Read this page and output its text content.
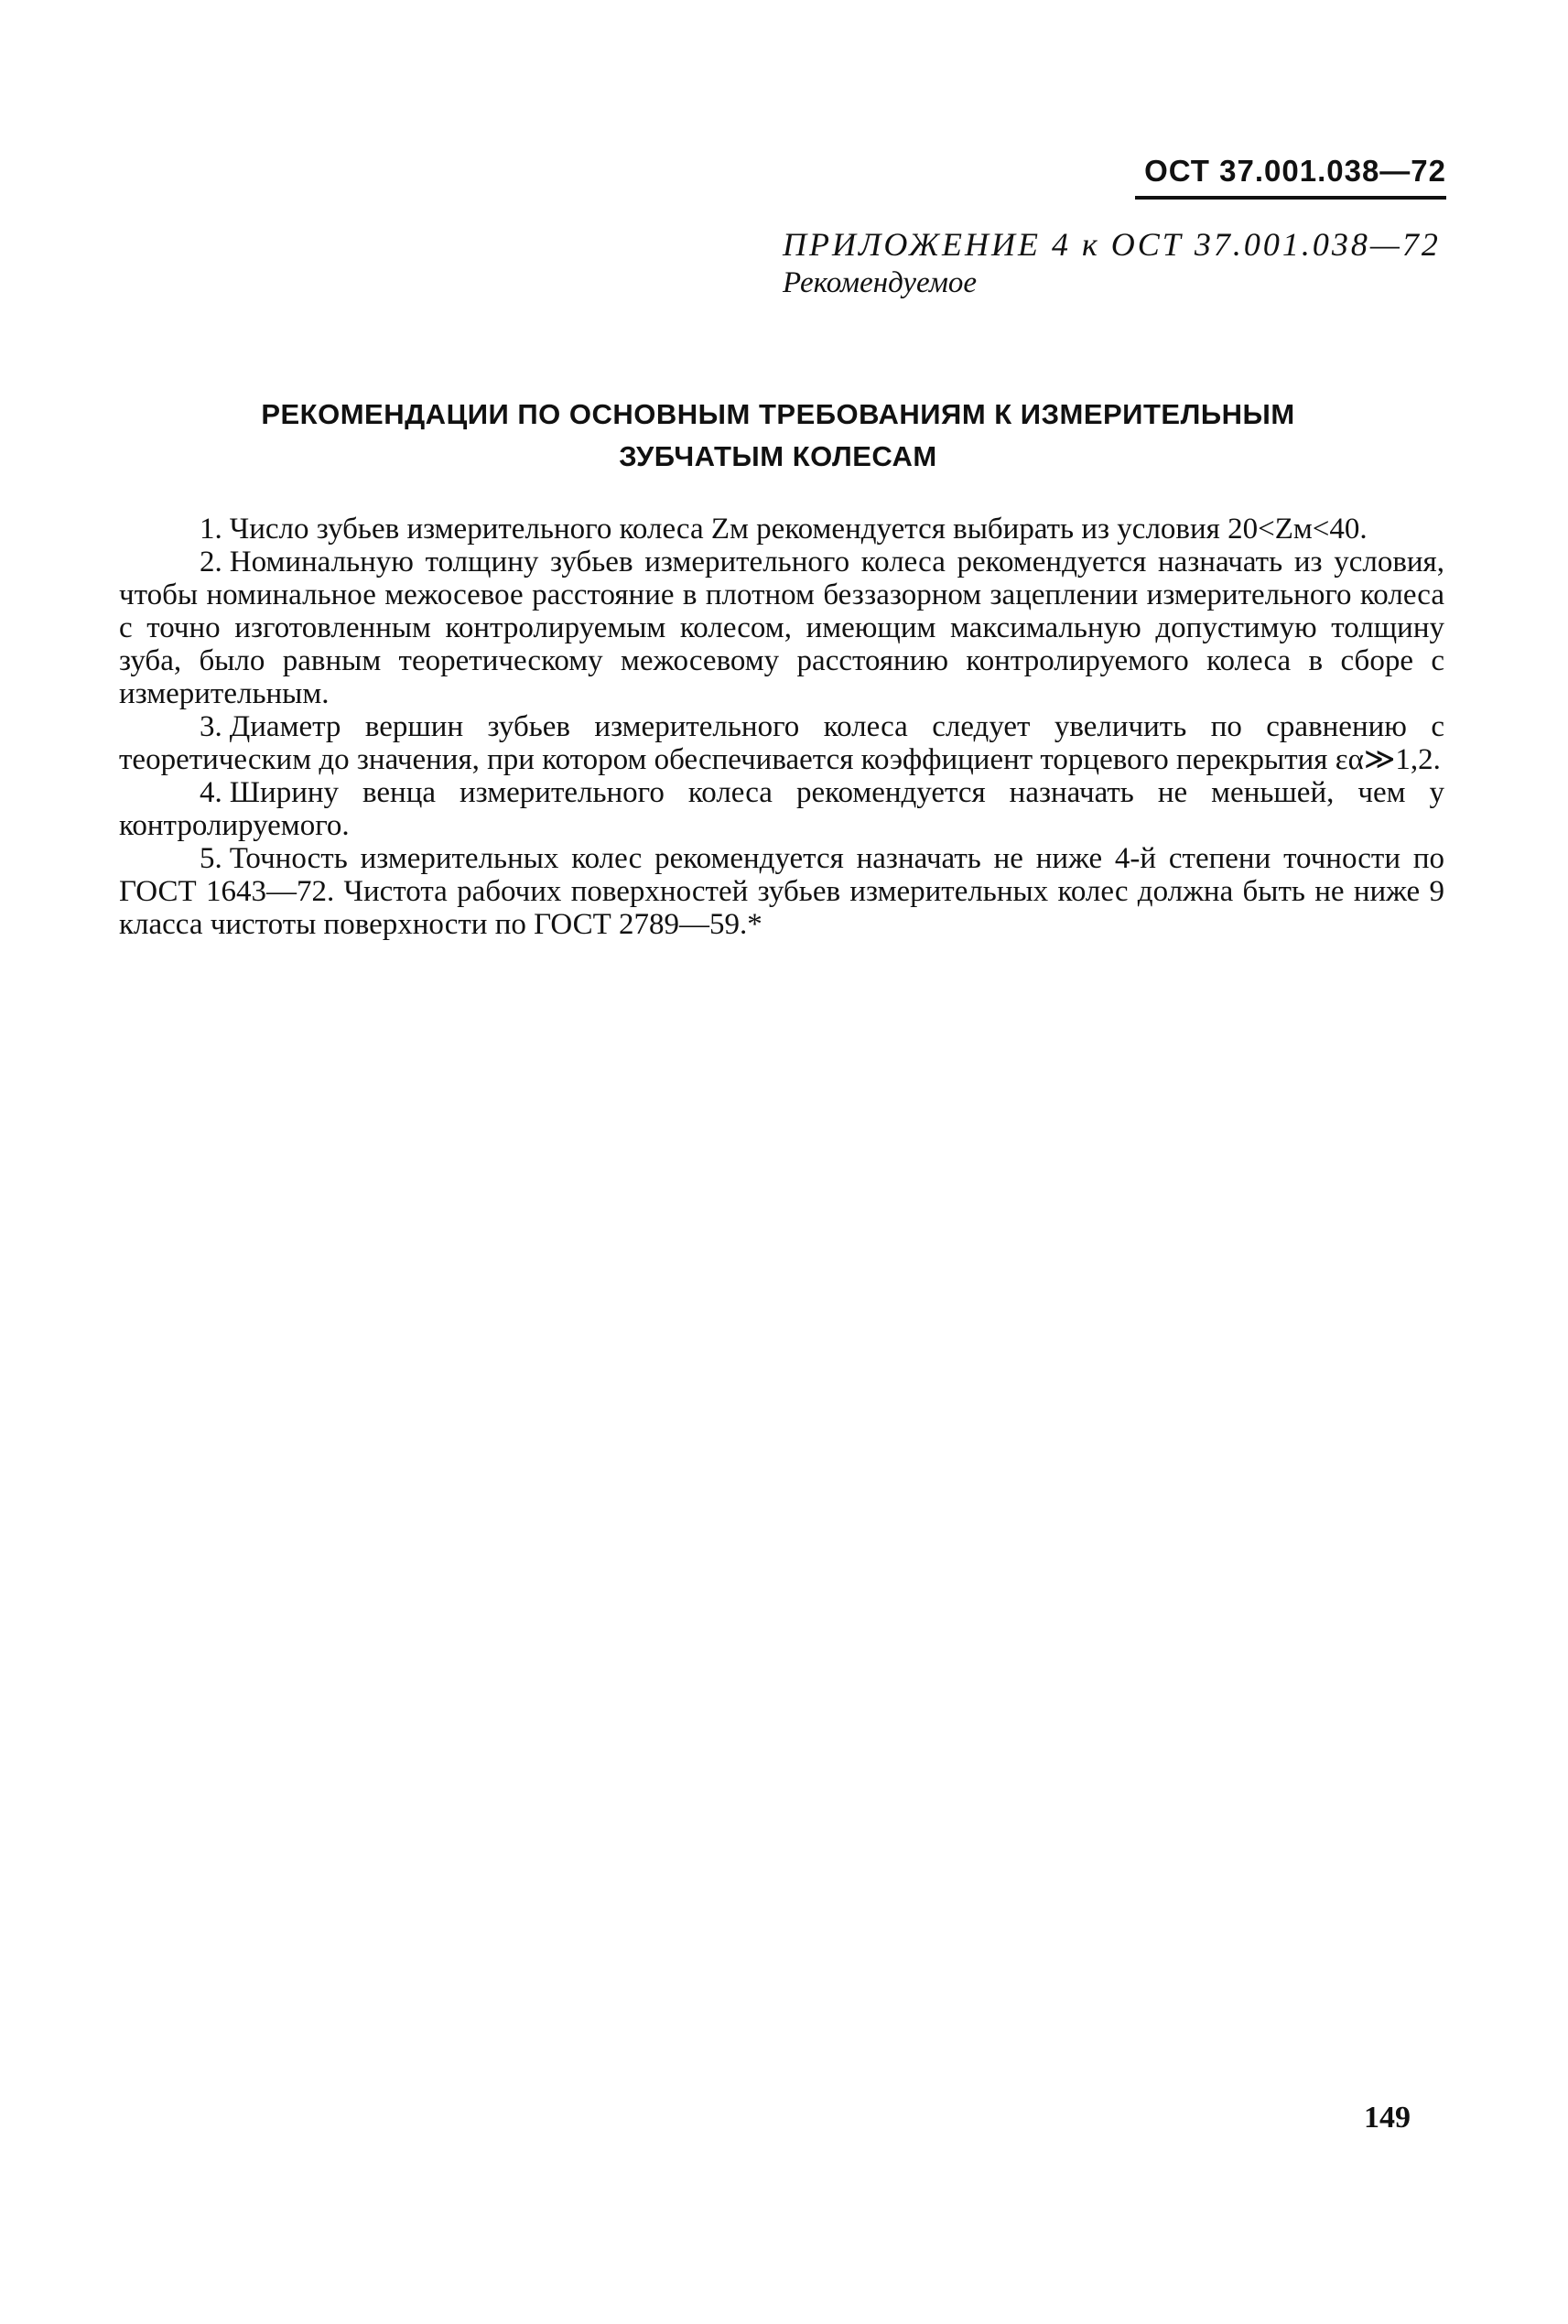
ОСТ 37.001.038—72

ПРИЛОЖЕНИЕ 4 к ОСТ 37.001.038—72

Рекомендуемое

РЕКОМЕНДАЦИИ ПО ОСНОВНЫМ ТРЕБОВАНИЯМ К ИЗМЕРИТЕЛЬНЫМ
ЗУБЧАТЫМ КОЛЕСАМ

1. Число зубьев измерительного колеса Zм рекомендуется выбирать из условия 20<Zм<40.

2. Номинальную толщину зубьев измерительного колеса рекомендуется назначать из условия, чтобы номинальное межосевое расстояние в плотном беззазорном зацеплении измерительного колеса с точно изготовленным контролируемым колесом, имеющим максимальную допустимую толщину зуба, было равным теоретическому межосевому расстоянию контролируемого колеса в сборе с измерительным.

3. Диаметр вершин зубьев измерительного колеса следует увеличить по сравнению с теоретическим до значения, при котором обеспечивается коэффициент торцевого перекрытия εα≫1,2.

4. Ширину венца измерительного колеса рекомендуется назначать не меньшей, чем у контролируемого.

5. Точность измерительных колес рекомендуется назначать не ниже 4-й степени точности по ГОСТ 1643—72. Чистота рабочих поверхностей зубьев измерительных колес должна быть не ниже 9 класса чистоты поверхности по ГОСТ 2789—59.*

149
